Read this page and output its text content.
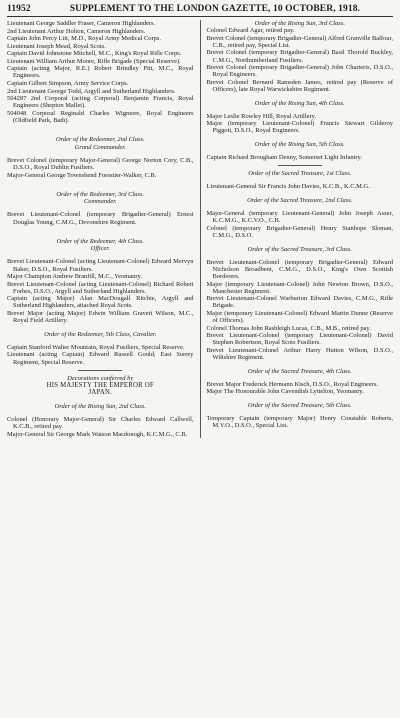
11952	SUPPLEMENT TO THE LONDON GAZETTE, 10 OCTOBER, 1918.

Lieutenant George Saddler Fraser, Cameron Highlanders.

2nd Lieutenant Arthur Holton, Cameron Highlanders.

Captain John Percy Litt, M.D., Royal Army Medical Corps.

Lieutenant Joseph Mead, Royal Scots.

Captain David Johnstone Mitchell, M.C., King's Royal Rifle Corps.

Lieutenant William Arthur Moore, Rifle Brigade (Special Reserve).

Captain (acting Major, R.E.) Robert Brindley Pitt, M.C., Royal Engineers.

Captain Gilbert Simpson, Army Service Corps.

2nd Lieutenant George Todd, Argyll and Sutherland Highlanders.

504287 2nd Corporal (acting Corporal) Benjamin Francis, Royal Engineers (Shepton Mallet).

504048 Corporal Reginald Charles Wigmore, Royal Engineers (Oldfield Park, Bath).

Order of the Redeemer, 2nd Class.

Grand Commander.

Brevet Colonel (temporary Major-General) George Norton Cory, C.B., D.S.O., Royal Dublin Fusiliers.

Major-General George Townshend Forestier-Walker, C.B.

Order of the Redeemer, 3rd Class.

Commander.

Brevet Lieutenant-Colonel (temporary Brigadier-General) Ernest Douglas Young, C.M.G., Devonshire Regiment.

Order of the Redeemer, 4th Class.

Officer.

Brevet Lieutenant-Colonel (acting Lieutenant-Colonel) Edward Mervyn Baker, D.S.O., Royal Fusiliers.

Major Champion Andrew Branfill, M.C., Yeomanry.

Brevet Lieutenant-Colonel (acting Lieutenant-Colonel) Richard Robert Forbes, D.S.O., Argyll and Sutherland Highlanders.

Captain (acting Major) Alan MacDougall Ritchie, Argyll and Sutherland Highlanders, attached Royal Scots.

Brevet Major (acting Major) Edwin William Gravett Wilson, M.C., Royal Field Artillery.

Order of the Redeemer, 5th Class, Cavalier.

Captain Stanford Walter Mountain, Royal Fusiliers, Special Reserve.

Lieutenant (acting Captain) Edward Russell Gould, East Surrey Regiment, Special Reserve.

Decorations conferred by

HIS MAJESTY THE EMPEROR OF

JAPAN.

Order of the Rising Sun, 2nd Class.

Colonel (Honorary Major-General) Sir Charles Edward Callwell, K.C.B., retired pay.

Major-General Sir George Mark Watson Macdonogh, K.C.M.G., C.B.

Order of the Rising Sun, 3rd Class.

Colonel Edward Agar, retired pay.

Brevet Colonel (temporary Brigadier-General) Alfred Granville Balfour, C.B., retired pay, Special List.

Brevet Colonel (temporary Brigadier-General) Basil Thorold Buckley, C.M.G., Northumberland Fusiliers.

Brevet Colonel (temporary Brigadier-General) John Charteris, D.S.O., Royal Engineers.

Brevet Colonel Bernard Ramsden James, retired pay (Reserve of Officers), late Royal Warwickshire Regiment.

Order of the Rising Sun, 4th Class.

Major Leslie Rowley Hill, Royal Artillery.

Major (temporary Lieutenant-Colonel) Francis Stewart Gilderoy Piggott, D.S.O., Royal Engineers.

Order of the Rising Sun, 5th Class.

Captain Richard Brougham Denny, Somerset Light Infantry.

Order of the Sacred Treasure, 1st Class.

Lieutenant-General Sir Francis John Davies, K.C.B., K.C.M.G.

Order of the Sacred Treasure, 2nd Class.

Major-General (temporary Lieutenant-General) John Joseph Asser, K.C.M.G., K.C.V.O., C.B.

Colonel (temporary Brigadier-General) Henry Stanhope Sloman, C.M.G., D.S.O.

Order of the Sacred Treasure, 3rd Class.

Brevet Lieutenant-Colonel (temporary Brigadier-General) Edward Nicholson Broadbent, C.M.G., D.S.O., King's Own Scottish Borderers.

Major (temporary Lieutenant-Colonel) John Newton Brown, D.S.O., Manchester Regiment.

Brevet Lieutenant-Colonel Warburton Edward Davies, C.M.G., Rifle Brigade.

Major (temporary Lieutenant-Colonel) Edward Martin Dunne (Reserve of Officers).

Colonel Thomas John Rashleigh Lucas, C.B., M.B., retired pay.

Brevet Lieutenant-Colonel (temporary Lieutenant-Colonel) David Stephen Robertson, Royal Scots Fusiliers.

Brevet Lieutenant-Colonel Arthur Harry Hutton Wilson, D.S.O., Wiltshire Regiment.

Order of the Sacred Treasure, 4th Class.

Brevet Major Frederick Hermann Kisch, D.S.O., Royal Engineers.

Major The Honourable John Cavendish Lyttelton, Yeomanry.

Order of the Sacred Treasure, 5th Class.

Temporary Captain (temporary Major) Henry Constable Roberts, M.V.O., D.S.O., Special List.
